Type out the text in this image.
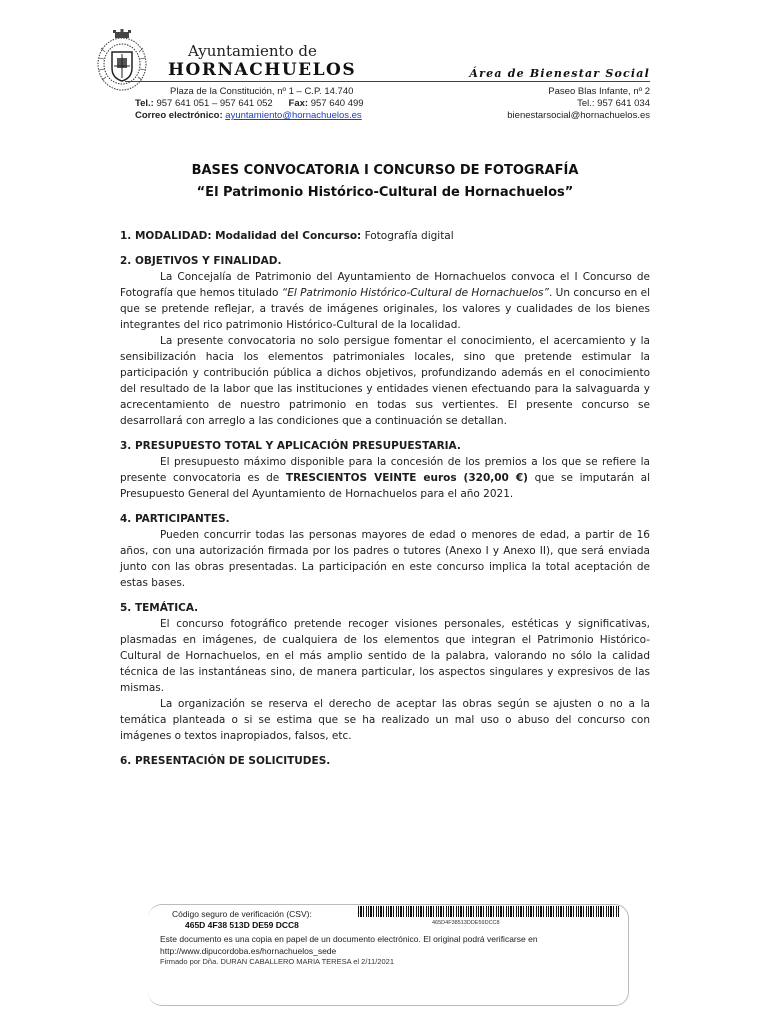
Ayuntamiento de
HORNACHUELOS	Área de Bienestar Social
Plaza de la Constitución, nº 1 – C.P. 14.740
Tel.: 957 641 051 – 957 641 052 Fax: 957 640 499
Correo electrónico: ayuntamiento@hornachuelos.es
Paseo Blas Infante, nº 2
Tel.: 957 641 034
bienestarsocial@hornachuelos.es
BASES CONVOCATORIA I CONCURSO DE FOTOGRAFÍA
“El Patrimonio Histórico-Cultural de Hornachuelos”

1. MODALIDAD: Modalidad del Concurso: Fotografía digital

2. OBJETIVOS Y FINALIDAD.

La Concejalía de Patrimonio del Ayuntamiento de Hornachuelos convoca el I Concurso de Fotografía que hemos titulado “El Patrimonio Histórico-Cultural de Hornachuelos”. Un concurso en el que se pretende reflejar, a través de imágenes originales, los valores y cualidades de los bienes integrantes del rico patrimonio Histórico-Cultural de la localidad.

La presente convocatoria no solo persigue fomentar el conocimiento, el acercamiento y la sensibilización hacia los elementos patrimoniales locales, sino que pretende estimular la participación y contribución pública a dichos objetivos, profundizando además en el conocimiento del resultado de la labor que las instituciones y entidades vienen efectuando para la salvaguarda y acrecentamiento de nuestro patrimonio en todas sus vertientes. El presente concurso se desarrollará con arreglo a las condiciones que a continuación se detallan.

3. PRESUPUESTO TOTAL Y APLICACIÓN PRESUPUESTARIA.

El presupuesto máximo disponible para la concesión de los premios a los que se refiere la presente convocatoria es de TRESCIENTOS VEINTE euros (320,00 €) que se imputarán al Presupuesto General del Ayuntamiento de Hornachuelos para el año 2021.

4. PARTICIPANTES.

Pueden concurrir todas las personas mayores de edad o menores de edad, a partir de 16 años, con una autorización firmada por los padres o tutores (Anexo I y Anexo II), que será enviada junto con las obras presentadas. La participación en este concurso implica la total aceptación de estas bases.

5. TEMÁTICA.

El concurso fotográfico pretende recoger visiones personales, estéticas y significativas, plasmadas en imágenes, de cualquiera de los elementos que integran el Patrimonio Histórico-Cultural de Hornachuelos, en el más amplio sentido de la palabra, valorando no sólo la calidad técnica de las instantáneas sino, de manera particular, los aspectos singulares y expresivos de las mismas.

La organización se reserva el derecho de aceptar las obras según se ajusten o no a la temática planteada o si se estima que se ha realizado un mal uso o abuso del concurso con imágenes o textos inapropiados, falsos, etc.

6. PRESENTACIÓN DE SOLICITUDES.
Código seguro de verificación (CSV):
465D 4F38 513D DE59 DCC8	465D4F38513DDE59DCC8
Este documento es una copia en papel de un documento electrónico. El original podrá verificarse en http://www.dipucordoba.es/hornachuelos_sede
Firmado por Dña. DURAN CABALLERO MARIA TERESA el 2/11/2021
